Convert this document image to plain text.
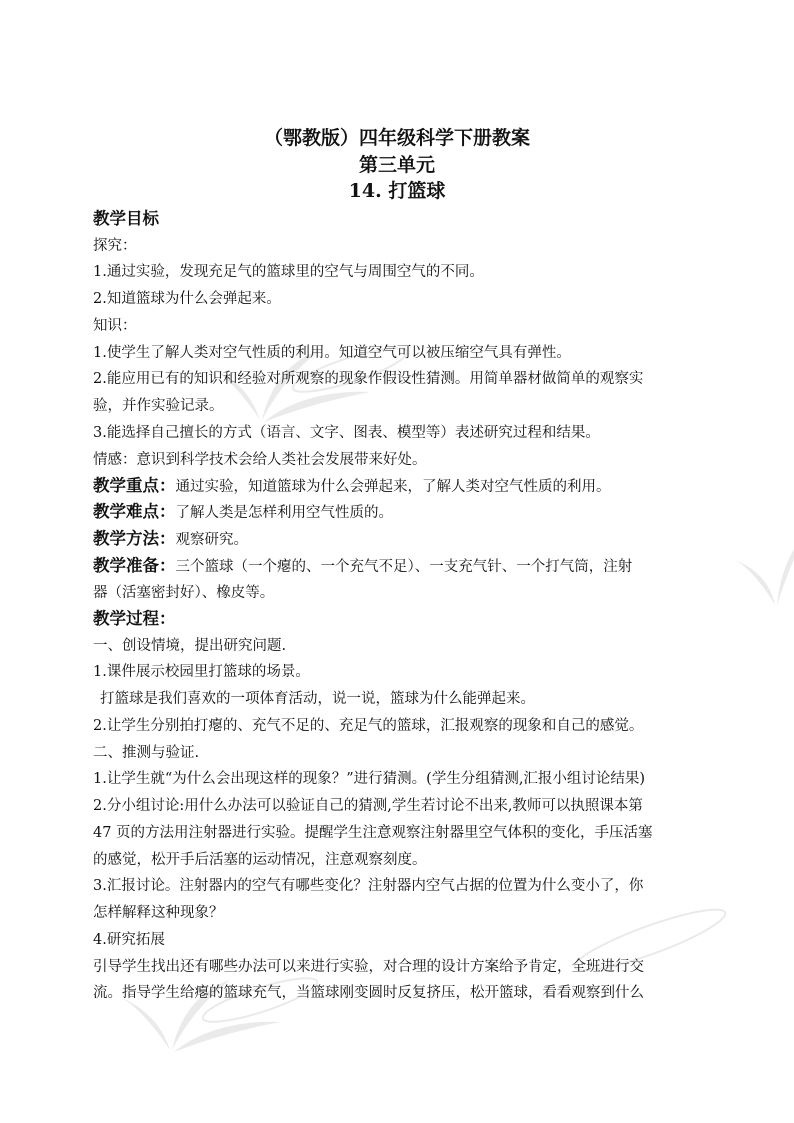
（鄂教版）四年级科学下册教案
第三单元
14. 打篮球
教学目标
探究：
1.通过实验，发现充足气的篮球里的空气与周围空气的不同。
2.知道篮球为什么会弹起来。
知识：
1.使学生了解人类对空气性质的利用。知道空气可以被压缩空气具有弹性。
2.能应用已有的知识和经验对所观察的现象作假设性猜测。用简单器材做简单的观察实
验，并作实验记录。
3.能选择自己擅长的方式（语言、文字、图表、模型等）表述研究过程和结果。
情感：意识到科学技术会给人类社会发展带来好处。
教学重点：通过实验，知道篮球为什么会弹起来，了解人类对空气性质的利用。
教学难点：了解人类是怎样利用空气性质的。
教学方法：观察研究。
教学准备：三个篮球（一个瘪的、一个充气不足）、一支充气针、一个打气筒，注射
器（活塞密封好）、橡皮等。
教学过程：
一、创设情境，提出研究问题.
1.课件展示校园里打篮球的场景。
打篮球是我们喜欢的一项体育活动，说一说，篮球为什么能弹起来。
2.让学生分别拍打瘪的、充气不足的、充足气的篮球，汇报观察的现象和自己的感觉。
二、推测与验证.
1.让学生就“为什么会出现这样的现象？”进行猜测。(学生分组猜测,汇报小组讨论结果)
2.分小组讨论:用什么办法可以验证自己的猜测,学生若讨论不出来,教师可以执照课本第
47 页的方法用注射器进行实验。提醒学生注意观察注射器里空气体积的变化，手压活塞
的感觉，松开手后活塞的运动情况，注意观察刻度。
3.汇报讨论。注射器内的空气有哪些变化？注射器内空气占据的位置为什么变小了，你
怎样解释这种现象？
4.研究拓展
引导学生找出还有哪些办法可以来进行实验，对合理的设计方案给予肯定，全班进行交
流。指导学生给瘪的篮球充气，当篮球刚变圆时反复挤压，松开篮球，看看观察到什么
